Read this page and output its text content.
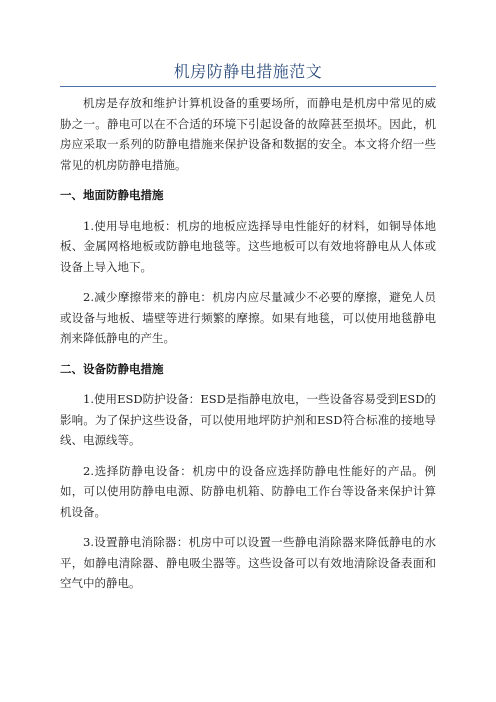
机房防静电措施范文

机房是存放和维护计算机设备的重要场所，而静电是机房中常见的威胁之一。静电可以在不合适的环境下引起设备的故障甚至损坏。因此，机房应采取一系列的防静电措施来保护设备和数据的安全。本文将介绍一些常见的机房防静电措施。

一、地面防静电措施

1.使用导电地板：机房的地板应选择导电性能好的材料，如铜导体地板、金属网格地板或防静电地毯等。这些地板可以有效地将静电从人体或设备上导入地下。

2.减少摩擦带来的静电：机房内应尽量减少不必要的摩擦，避免人员或设备与地板、墙壁等进行频繁的摩擦。如果有地毯，可以使用地毯静电剂来降低静电的产生。

二、设备防静电措施

1.使用ESD防护设备：ESD是指静电放电，一些设备容易受到ESD的影响。为了保护这些设备，可以使用地坪防护剂和ESD符合标准的接地导线、电源线等。

2.选择防静电设备：机房中的设备应选择防静电性能好的产品。例如，可以使用防静电电源、防静电机箱、防静电工作台等设备来保护计算机设备。

3.设置静电消除器：机房中可以设置一些静电消除器来降低静电的水平，如静电清除器、静电吸尘器等。这些设备可以有效地清除设备表面和空气中的静电。
